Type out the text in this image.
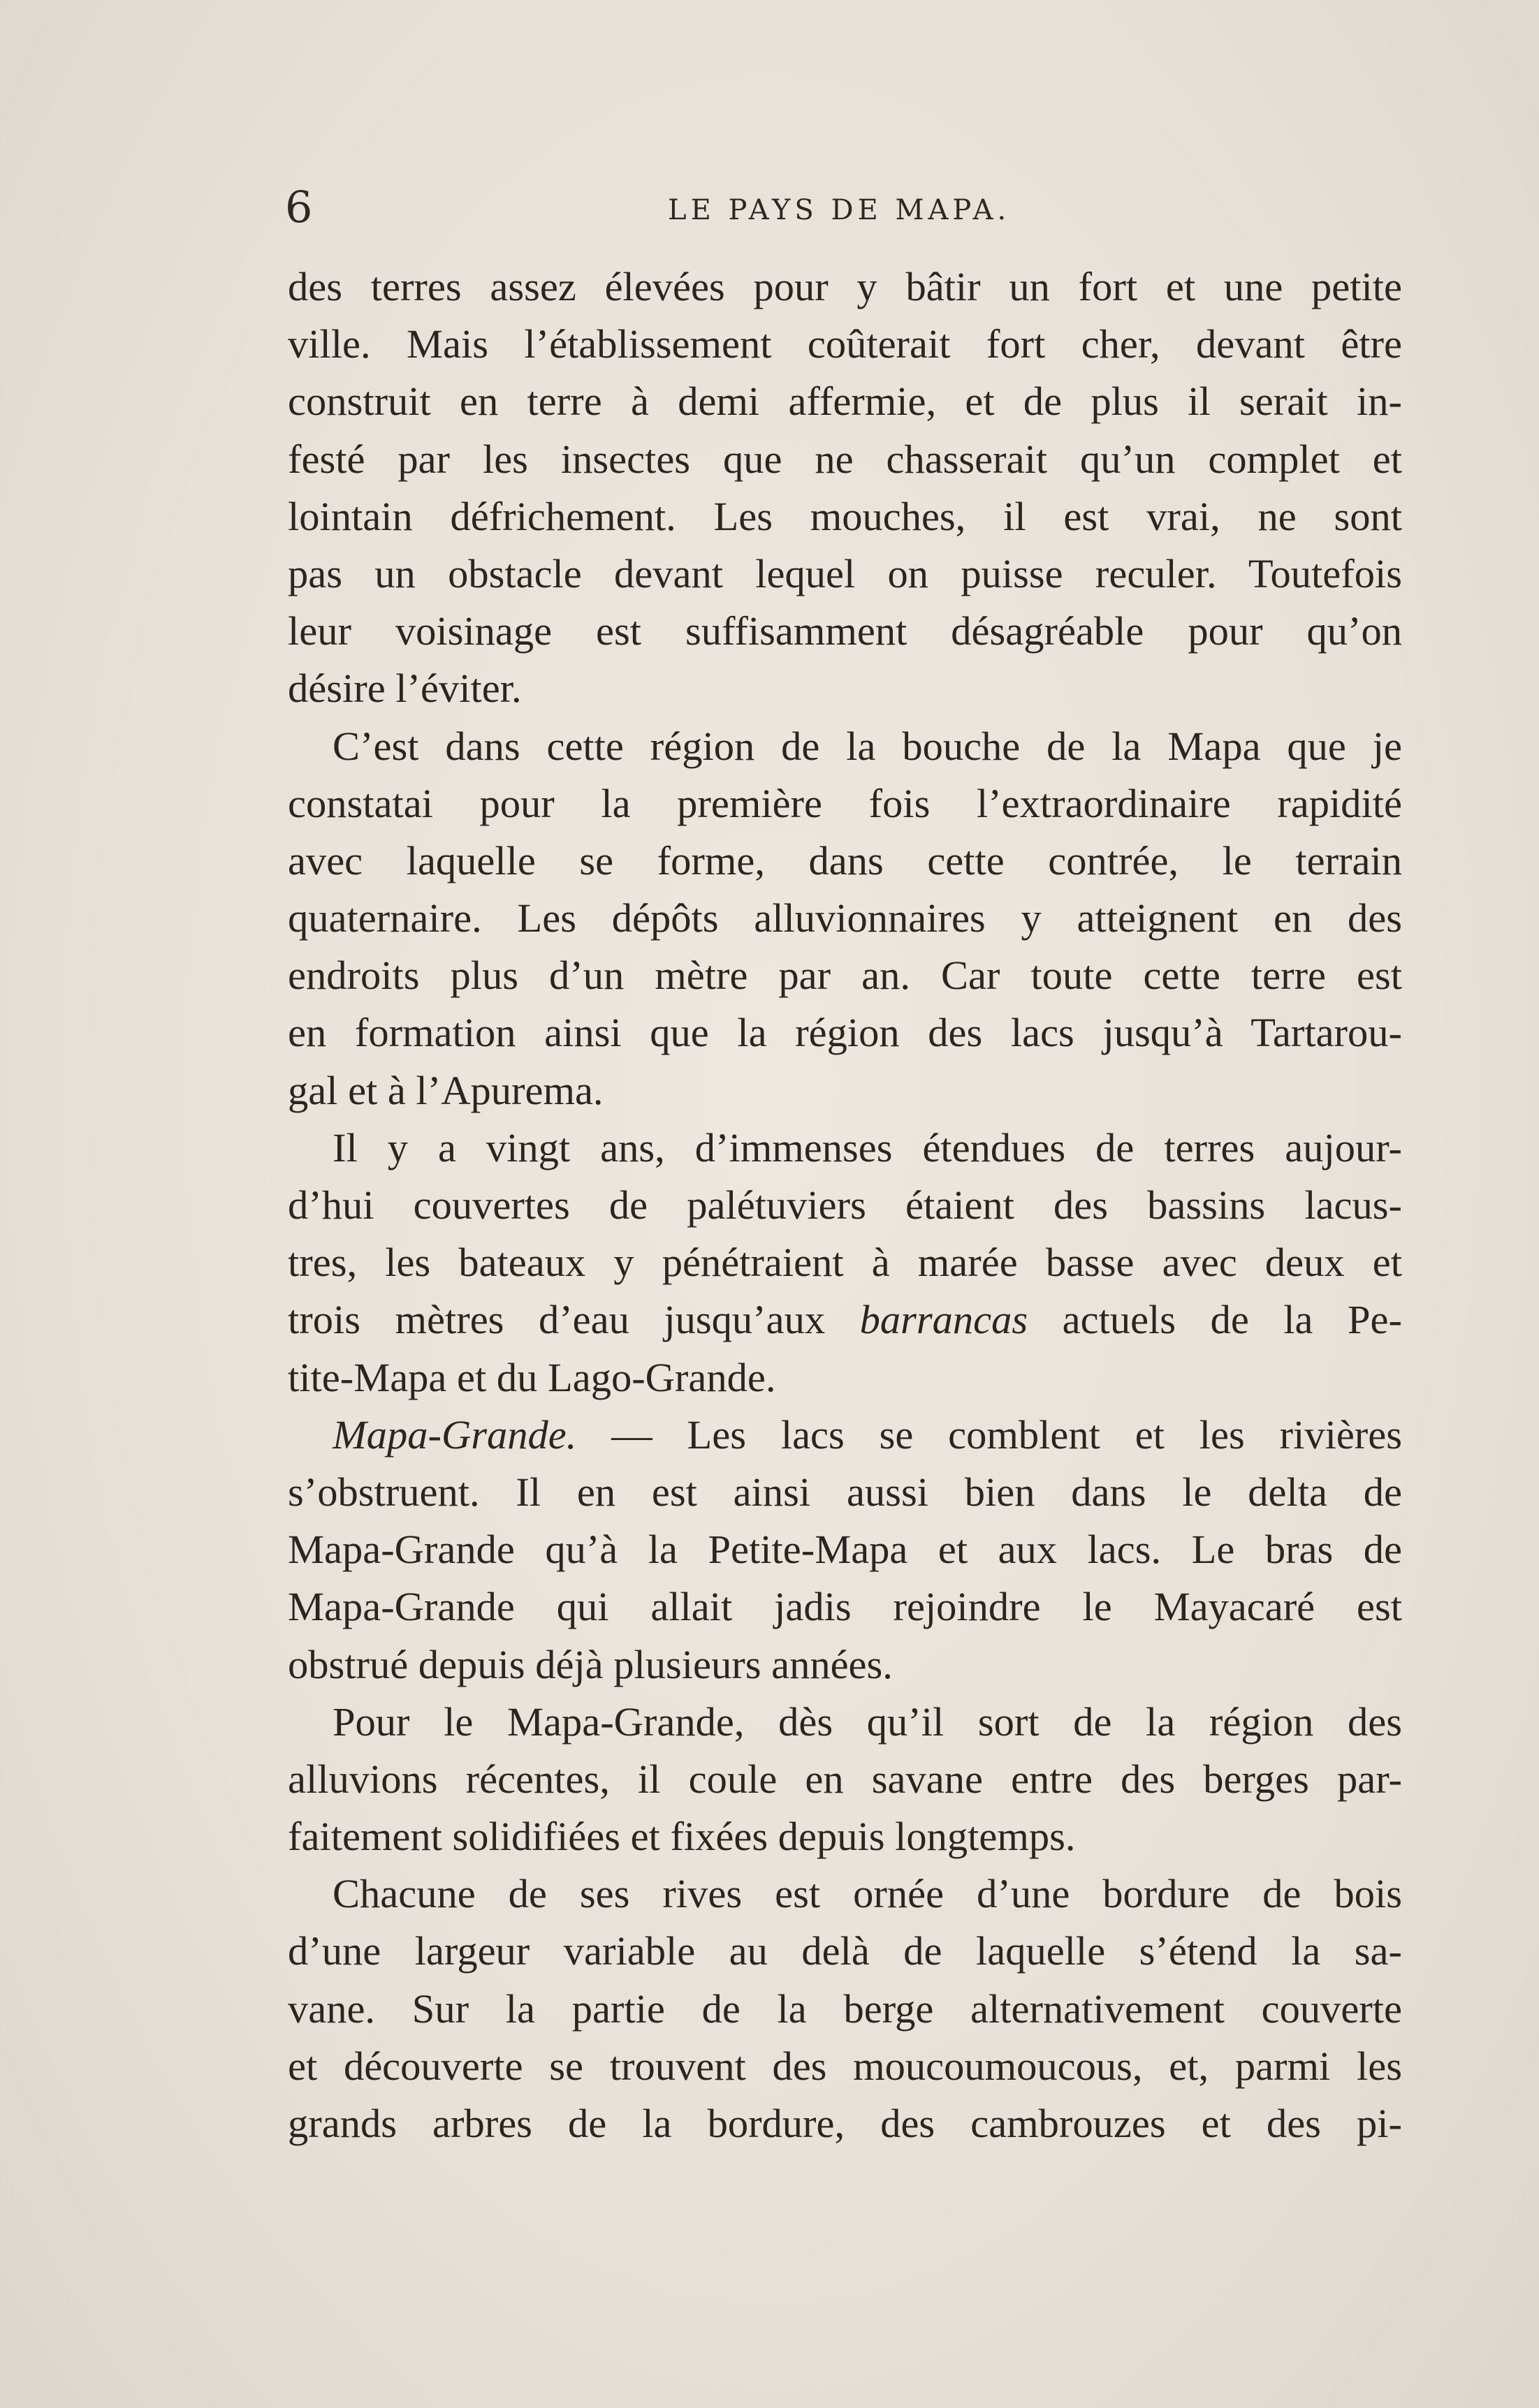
6	LE PAYS DE MAPA.
des terres assez élevées pour y bâtir un fort et une petite
ville. Mais l’établissement coûterait fort cher, devant être
construit en terre à demi affermie, et de plus il serait in-
festé par les insectes que ne chasserait qu’un complet et
lointain défrichement. Les mouches, il est vrai, ne sont
pas un obstacle devant lequel on puisse reculer. Toutefois
leur voisinage est suffisamment désagréable pour qu’on
désire l’éviter.
C’est dans cette région de la bouche de la Mapa que je
constatai pour la première fois l’extraordinaire rapidité
avec laquelle se forme, dans cette contrée, le terrain
quaternaire. Les dépôts alluvionnaires y atteignent en des
endroits plus d’un mètre par an. Car toute cette terre est
en formation ainsi que la région des lacs jusqu’à Tartarou-
gal et à l’Apurema.
Il y a vingt ans, d’immenses étendues de terres aujour-
d’hui couvertes de palétuviers étaient des bassins lacus-
tres, les bateaux y pénétraient à marée basse avec deux et
trois mètres d’eau jusqu’aux barrancas actuels de la Pe-
tite-Mapa et du Lago-Grande.
Mapa-Grande. — Les lacs se comblent et les rivières
s’obstruent. Il en est ainsi aussi bien dans le delta de
Mapa-Grande qu’à la Petite-Mapa et aux lacs. Le bras de
Mapa-Grande qui allait jadis rejoindre le Mayacaré est
obstrué depuis déjà plusieurs années.
Pour le Mapa-Grande, dès qu’il sort de la région des
alluvions récentes, il coule en savane entre des berges par-
faitement solidifiées et fixées depuis longtemps.
Chacune de ses rives est ornée d’une bordure de bois
d’une largeur variable au delà de laquelle s’étend la sa-
vane. Sur la partie de la berge alternativement couverte
et découverte se trouvent des moucoumoucous, et, parmi les
grands arbres de la bordure, des cambrouzes et des pi-
